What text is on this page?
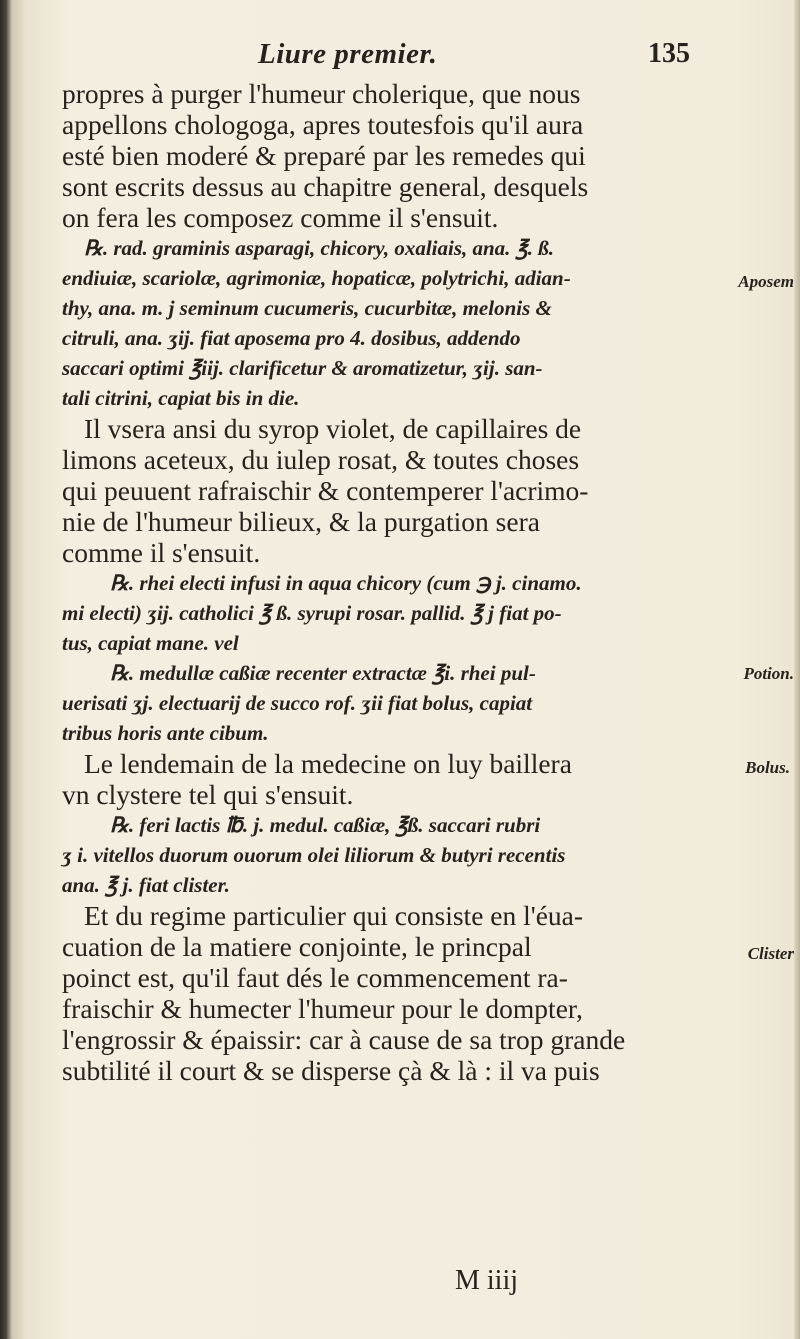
Liure premier.	135
propres à purger l'humeur cholerique, que nous
appellons chologoga, apres toutesfois qu'il aura
esté bien moderé & preparé par les remedes qui
sont escrits dessus au chapitre general, desquels
on fera les composez comme il s'ensuit.
℞. rad. graminis asparagi, chicory, oxaliais, ana. ℥. ß.
endiuiæ, scariolæ, agrimoniæ, hopaticæ, polytrichi, adian-
thy, ana. m. j seminum cucumeris, cucurbitæ, melonis &
citruli, ana. ʒij. fiat aposema pro 4. dosibus, addendo
saccari optimi ℥iij. clarificetur & aromatizetur, ʒij. san-
tali citrini, capiat bis in die.
Il vsera ansi du syrop violet, de capillaires de
limons aceteux, du iulep rosat, & toutes choses
qui peuuent rafraischir & contemperer l'acrimo-
nie de l'humeur bilieux, & la purgation sera
comme il s'ensuit.
℞. rhei electi infusi in aqua chicory (cum ℈ j. cinamo.
mi electi) ʒij. catholici ℥ ß. syrupi rosar. pallid. ℥ j fiat po-
tus, capiat mane. vel
℞. medullæ caßiæ recenter extractæ ℥i. rhei pul-
uerisati ʒj. electuarij de succo rof. ʒii fiat bolus, capiat
tribus horis ante cibum.
Le lendemain de la medecine on luy baillera
vn clystere tel qui s'ensuit.
℞. feri lactis ℔. j. medul. caßiæ, ℥ß. saccari rubri
ʒ i. vitellos duorum ouorum olei liliorum & butyri recentis
ana. ℥ j. fiat clister.
Et du regime particulier qui consiste en l'éua-
cuation de la matiere conjointe, le princpal
poinct est, qu'il faut dés le commencement ra-
fraischir & humecter l'humeur pour le dompter,
l'engrossir & épaissir: car à cause de sa trop grande
subtilité il court & se disperse çà & là : il va puis
Aposem
Potion.
Bolus.
Clister
M iiij
